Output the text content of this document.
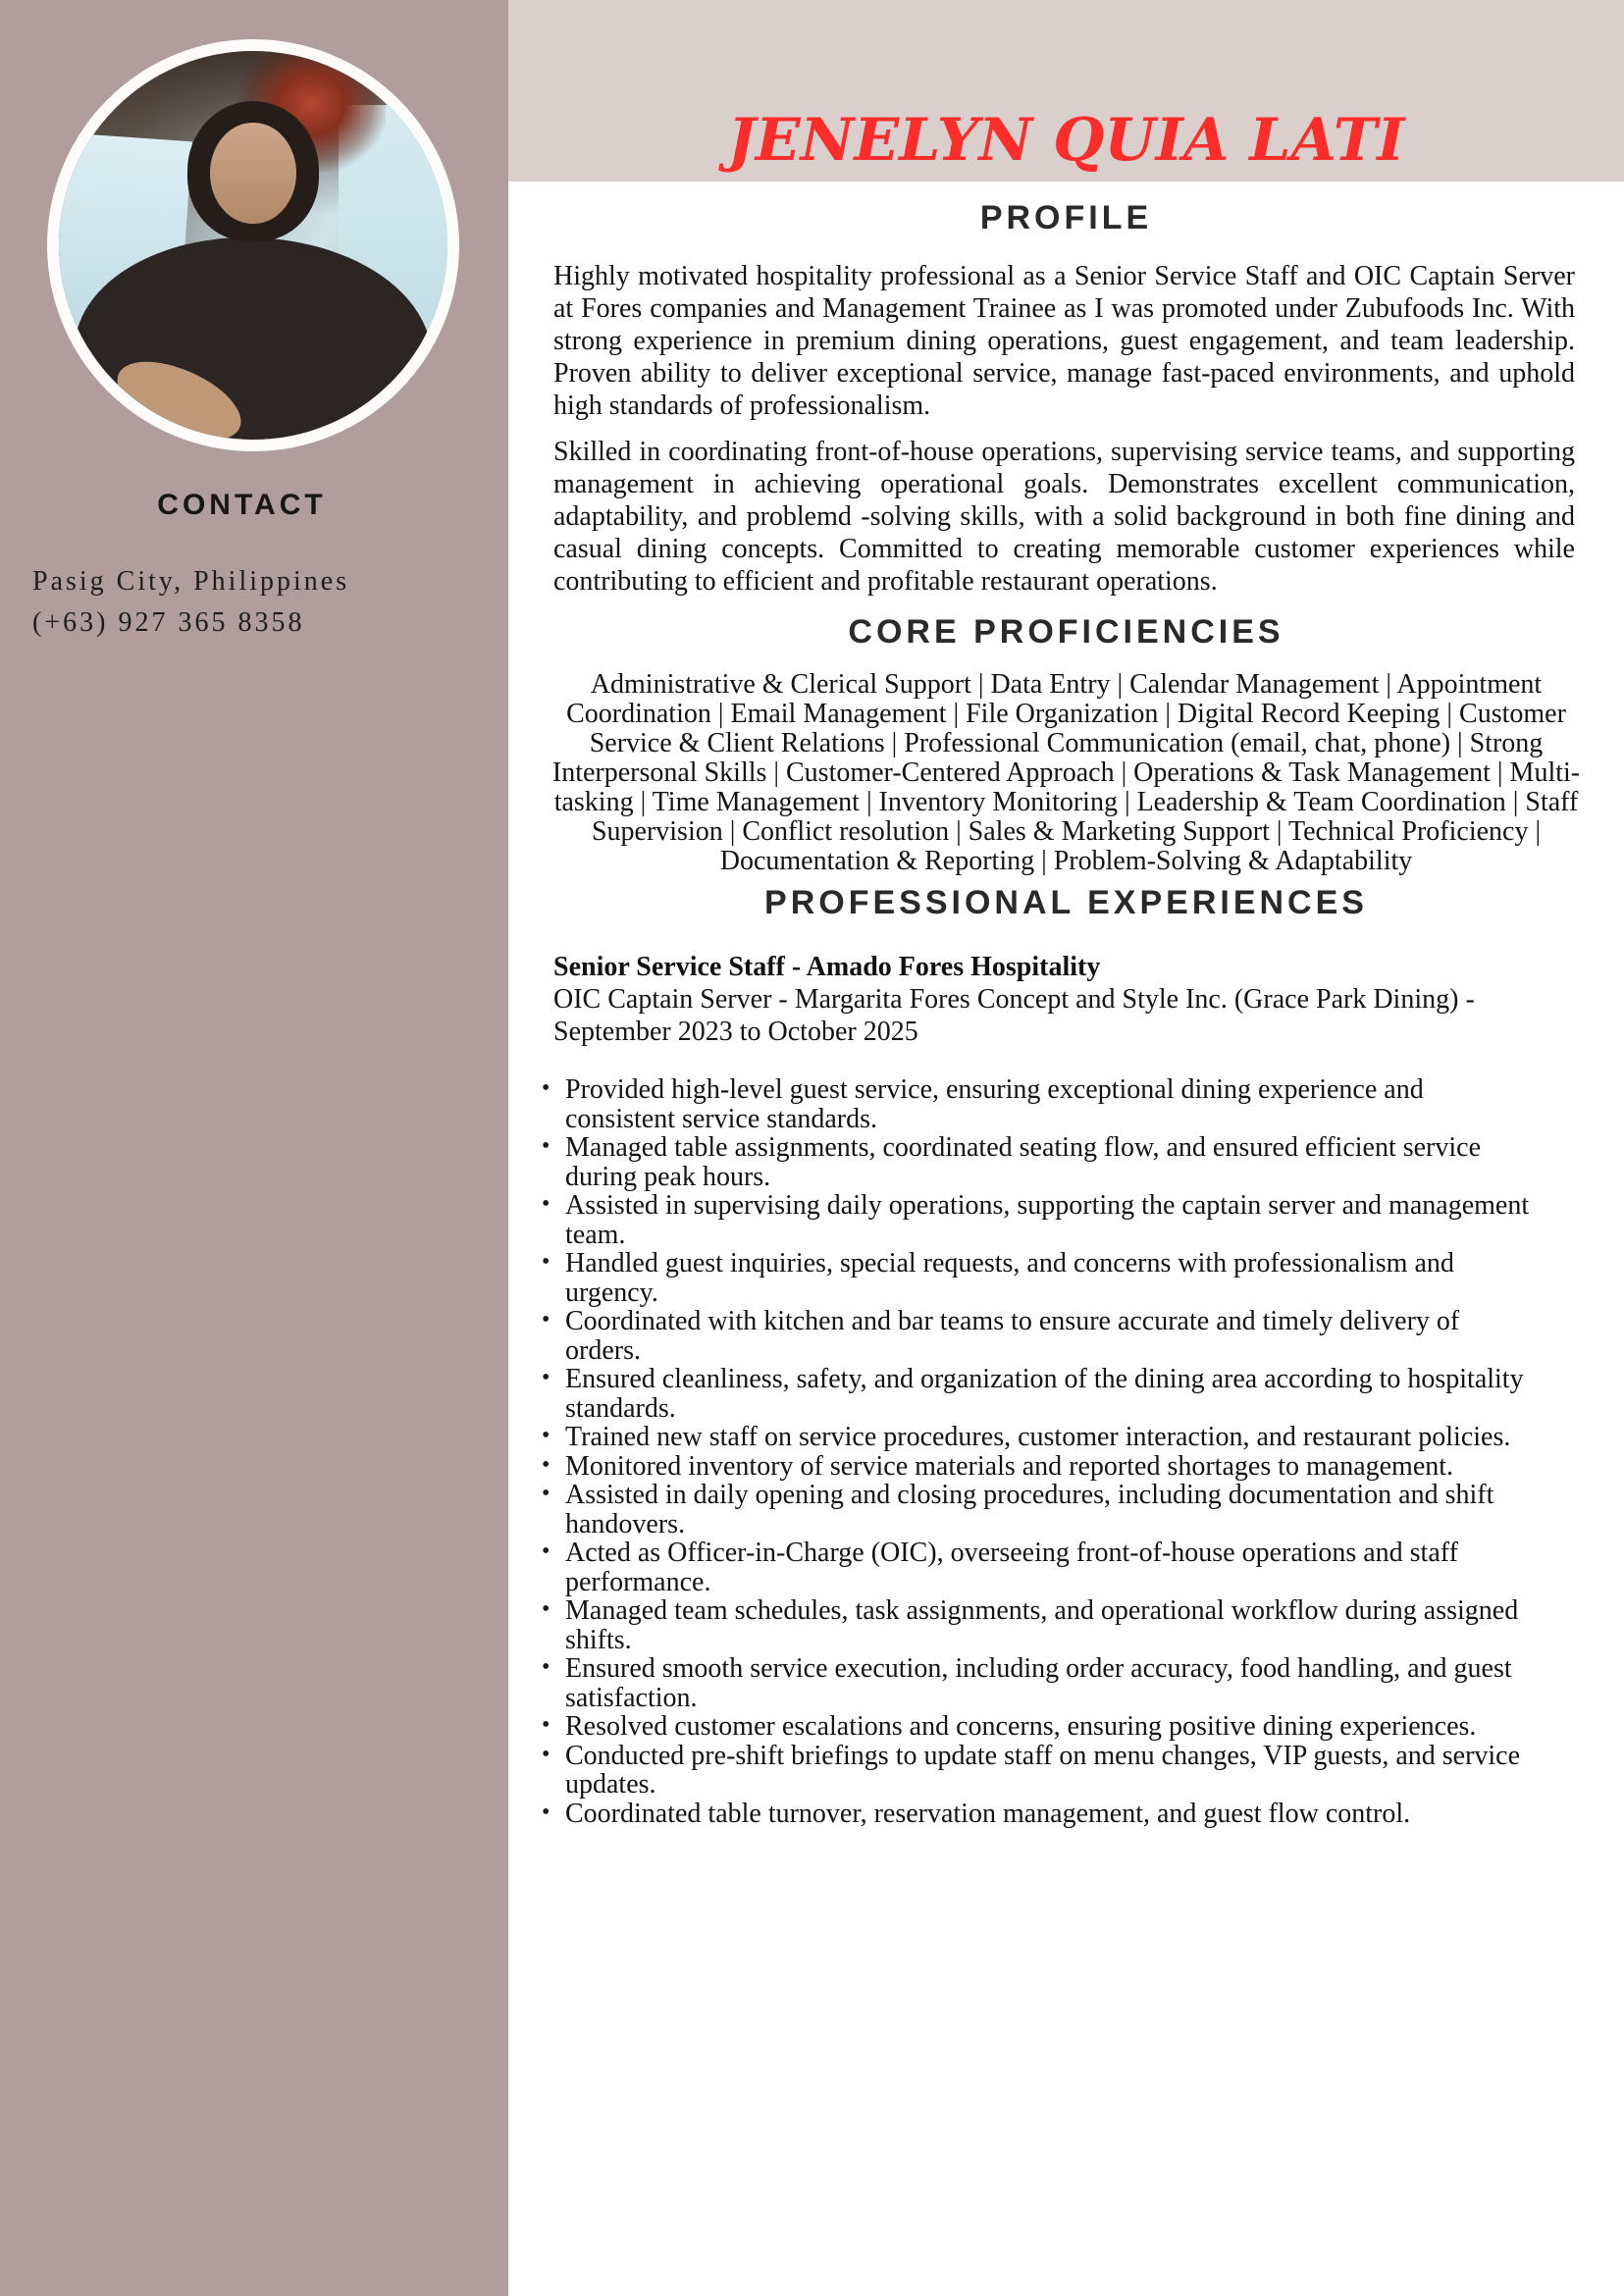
CONTACT

Pasig City, Philippines

(+63) 927 365 8358

JENELYN QUIA LATI
PROFILE

Highly motivated hospitality professional as a Senior Service Staff and OIC Captain Server at Fores companies and Management Trainee as I was promoted under Zubufoods Inc. With strong experience in premium dining operations, guest engagement, and team leadership. Proven ability to deliver exceptional service, manage fast-paced environments, and uphold high standards of professionalism.

Skilled in coordinating front-of-house operations, supervising service teams, and supporting management in achieving operational goals. Demonstrates excellent communication, adaptability, and problemd -solving skills, with a solid background in both fine dining and casual dining concepts. Committed to creating memorable customer experiences while contributing to efficient and profitable restaurant operations.

CORE PROFICIENCIES

Administrative & Clerical Support | Data Entry | Calendar Management | Appointment Coordination | Email Management | File Organization | Digital Record Keeping | Customer Service & Client Relations | Professional Communication (email, chat, phone) | Strong Interpersonal Skills | Customer-Centered Approach | Operations & Task Management | Multi-tasking | Time Management | Inventory Monitoring | Leadership & Team Coordination | Staff Supervision | Conflict resolution | Sales & Marketing Support | Technical Proficiency | Documentation & Reporting | Problem-Solving & Adaptability

PROFESSIONAL EXPERIENCES

Senior Service Staff - Amado Fores Hospitality

OIC Captain Server - Margarita Fores Concept and Style Inc. (Grace Park Dining) - September 2023 to October 2025

• Provided high-level guest service, ensuring exceptional dining experience and consistent service standards.
• Managed table assignments, coordinated seating flow, and ensured efficient service during peak hours.
• Assisted in supervising daily operations, supporting the captain server and management team.
• Handled guest inquiries, special requests, and concerns with professionalism and urgency.
• Coordinated with kitchen and bar teams to ensure accurate and timely delivery of orders.
• Ensured cleanliness, safety, and organization of the dining area according to hospitality standards.
• Trained new staff on service procedures, customer interaction, and restaurant policies.
• Monitored inventory of service materials and reported shortages to management.
• Assisted in daily opening and closing procedures, including documentation and shift handovers.
• Acted as Officer-in-Charge (OIC), overseeing front-of-house operations and staff performance.
• Managed team schedules, task assignments, and operational workflow during assigned shifts.
• Ensured smooth service execution, including order accuracy, food handling, and guest satisfaction.
• Resolved customer escalations and concerns, ensuring positive dining experiences.
• Conducted pre-shift briefings to update staff on menu changes, VIP guests, and service updates.
• Coordinated table turnover, reservation management, and guest flow control.
